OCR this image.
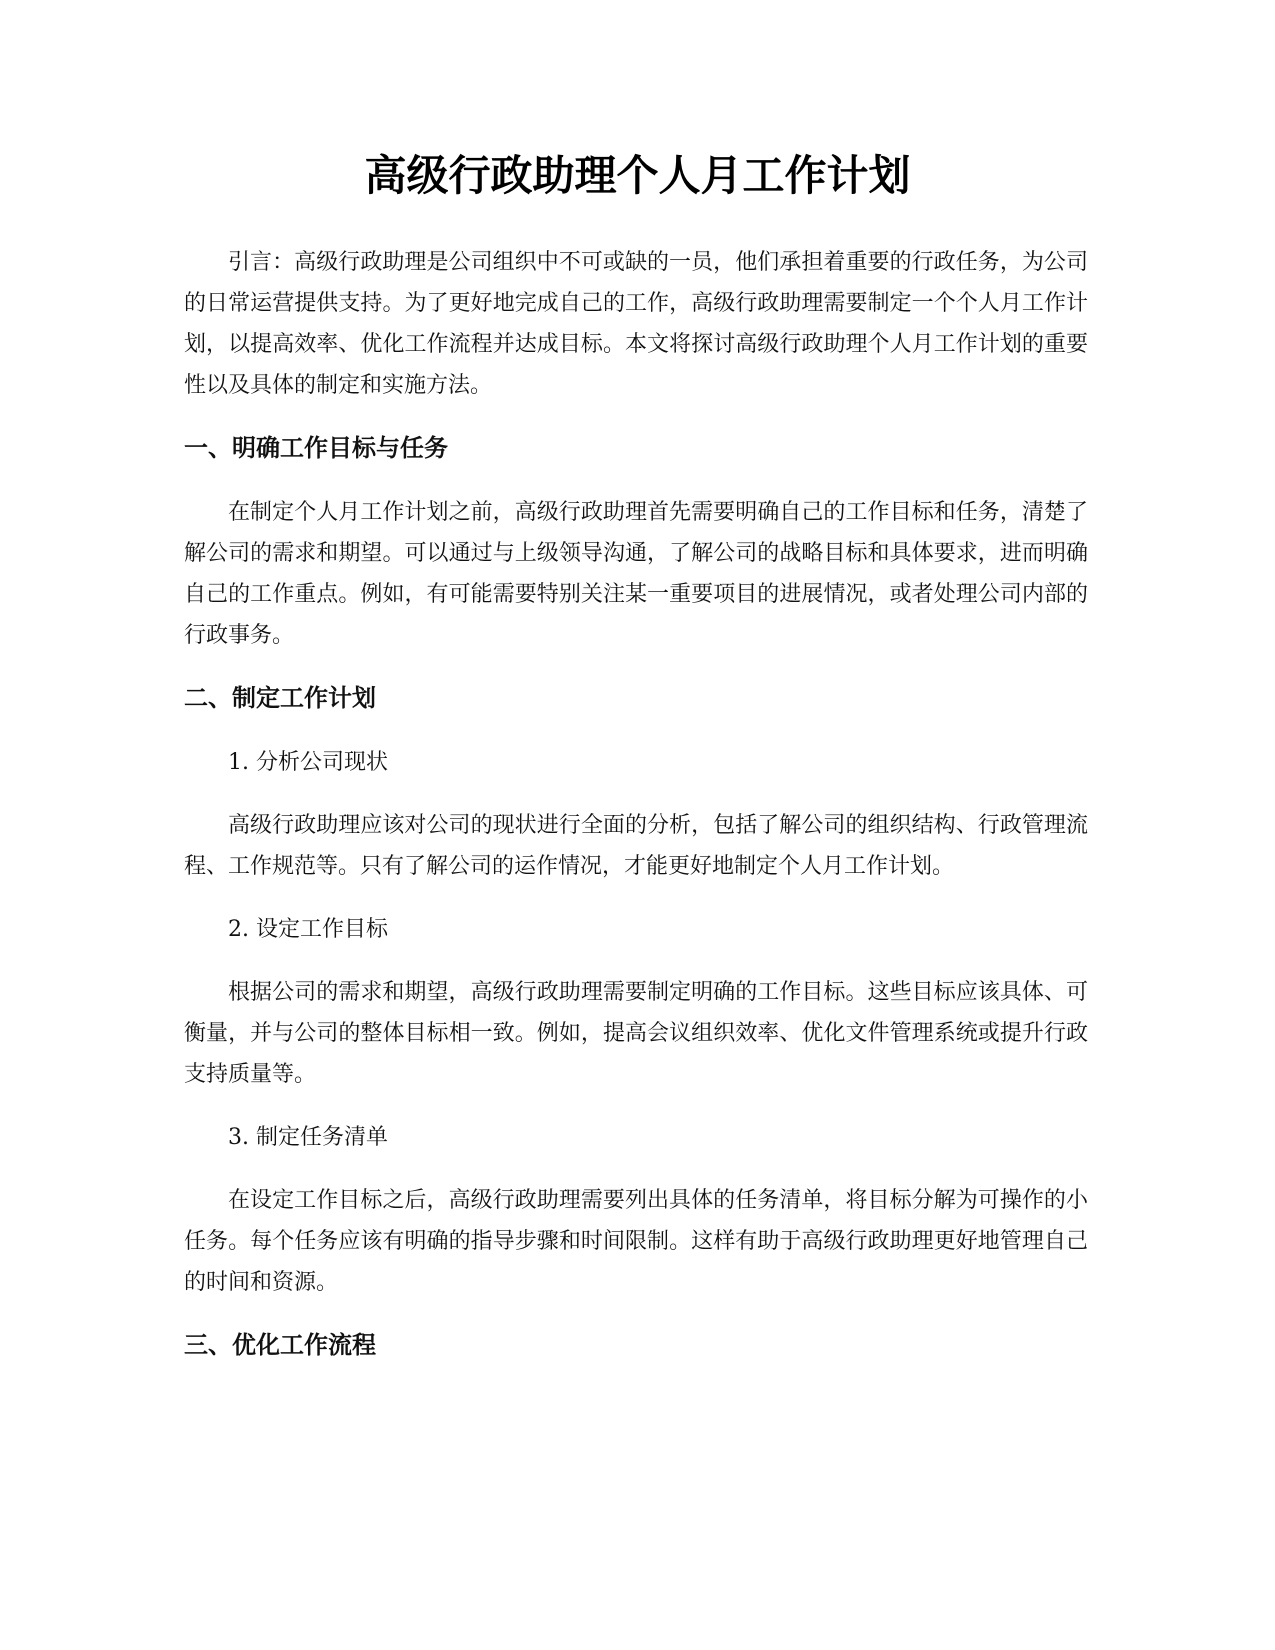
高级行政助理个人月工作计划

引言：高级行政助理是公司组织中不可或缺的一员，他们承担着重要的行政任务，为公司的日常运营提供支持。为了更好地完成自己的工作，高级行政助理需要制定一个个人月工作计划，以提高效率、优化工作流程并达成目标。本文将探讨高级行政助理个人月工作计划的重要性以及具体的制定和实施方法。

一、明确工作目标与任务

在制定个人月工作计划之前，高级行政助理首先需要明确自己的工作目标和任务，清楚了解公司的需求和期望。可以通过与上级领导沟通，了解公司的战略目标和具体要求，进而明确自己的工作重点。例如，有可能需要特别关注某一重要项目的进展情况，或者处理公司内部的行政事务。

二、制定工作计划
1. 分析公司现状

高级行政助理应该对公司的现状进行全面的分析，包括了解公司的组织结构、行政管理流程、工作规范等。只有了解公司的运作情况，才能更好地制定个人月工作计划。

2. 设定工作目标

根据公司的需求和期望，高级行政助理需要制定明确的工作目标。这些目标应该具体、可衡量，并与公司的整体目标相一致。例如，提高会议组织效率、优化文件管理系统或提升行政支持质量等。

3. 制定任务清单

在设定工作目标之后，高级行政助理需要列出具体的任务清单，将目标分解为可操作的小任务。每个任务应该有明确的指导步骤和时间限制。这样有助于高级行政助理更好地管理自己的时间和资源。

三、优化工作流程
